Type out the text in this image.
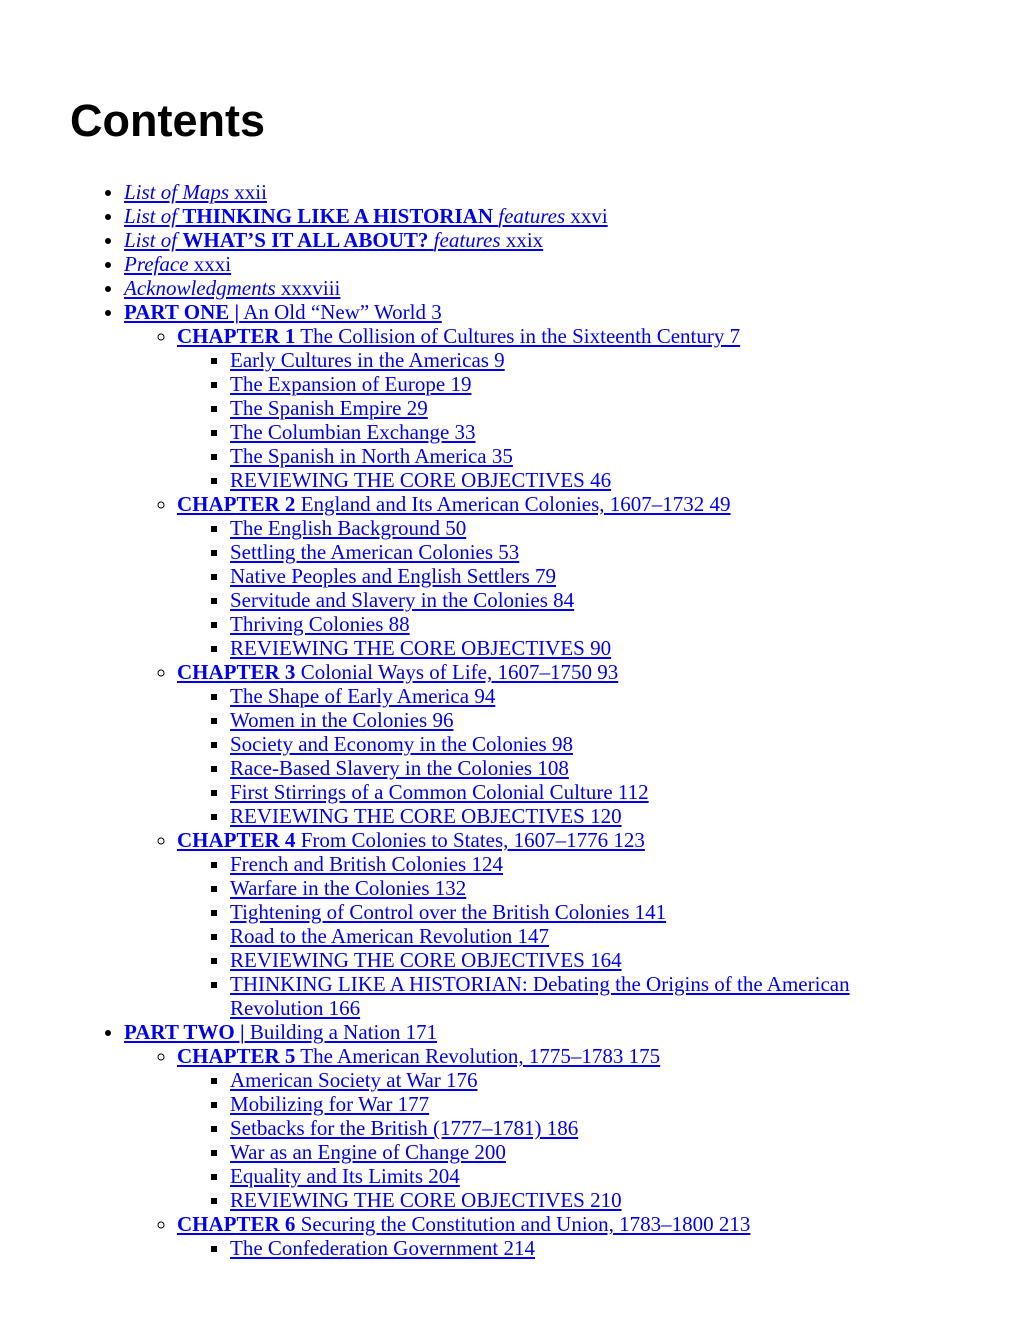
Contents
• List of Maps xxii
• List of THINKING LIKE A HISTORIAN features xxvi
• List of WHAT’S IT ALL ABOUT? features xxix
• Preface xxxi
• Acknowledgments xxxviii
• PART ONE | An Old “New” World 3
◦ CHAPTER 1 The Collision of Cultures in the Sixteenth Century 7
▪ Early Cultures in the Americas 9
▪ The Expansion of Europe 19
▪ The Spanish Empire 29
▪ The Columbian Exchange 33
▪ The Spanish in North America 35
▪ REVIEWING THE CORE OBJECTIVES 46
◦ CHAPTER 2 England and Its American Colonies, 1607–1732 49
▪ The English Background 50
▪ Settling the American Colonies 53
▪ Native Peoples and English Settlers 79
▪ Servitude and Slavery in the Colonies 84
▪ Thriving Colonies 88
▪ REVIEWING THE CORE OBJECTIVES 90
◦ CHAPTER 3 Colonial Ways of Life, 1607–1750 93
▪ The Shape of Early America 94
▪ Women in the Colonies 96
▪ Society and Economy in the Colonies 98
▪ Race-Based Slavery in the Colonies 108
▪ First Stirrings of a Common Colonial Culture 112
▪ REVIEWING THE CORE OBJECTIVES 120
◦ CHAPTER 4 From Colonies to States, 1607–1776 123
▪ French and British Colonies 124
▪ Warfare in the Colonies 132
▪ Tightening of Control over the British Colonies 141
▪ Road to the American Revolution 147
▪ REVIEWING THE CORE OBJECTIVES 164
▪ THINKING LIKE A HISTORIAN: Debating the Origins of the American Revolution 166
• PART TWO | Building a Nation 171
◦ CHAPTER 5 The American Revolution, 1775–1783 175
▪ American Society at War 176
▪ Mobilizing for War 177
▪ Setbacks for the British (1777–1781) 186
▪ War as an Engine of Change 200
▪ Equality and Its Limits 204
▪ REVIEWING THE CORE OBJECTIVES 210
◦ CHAPTER 6 Securing the Constitution and Union, 1783–1800 213
▪ The Confederation Government 214
